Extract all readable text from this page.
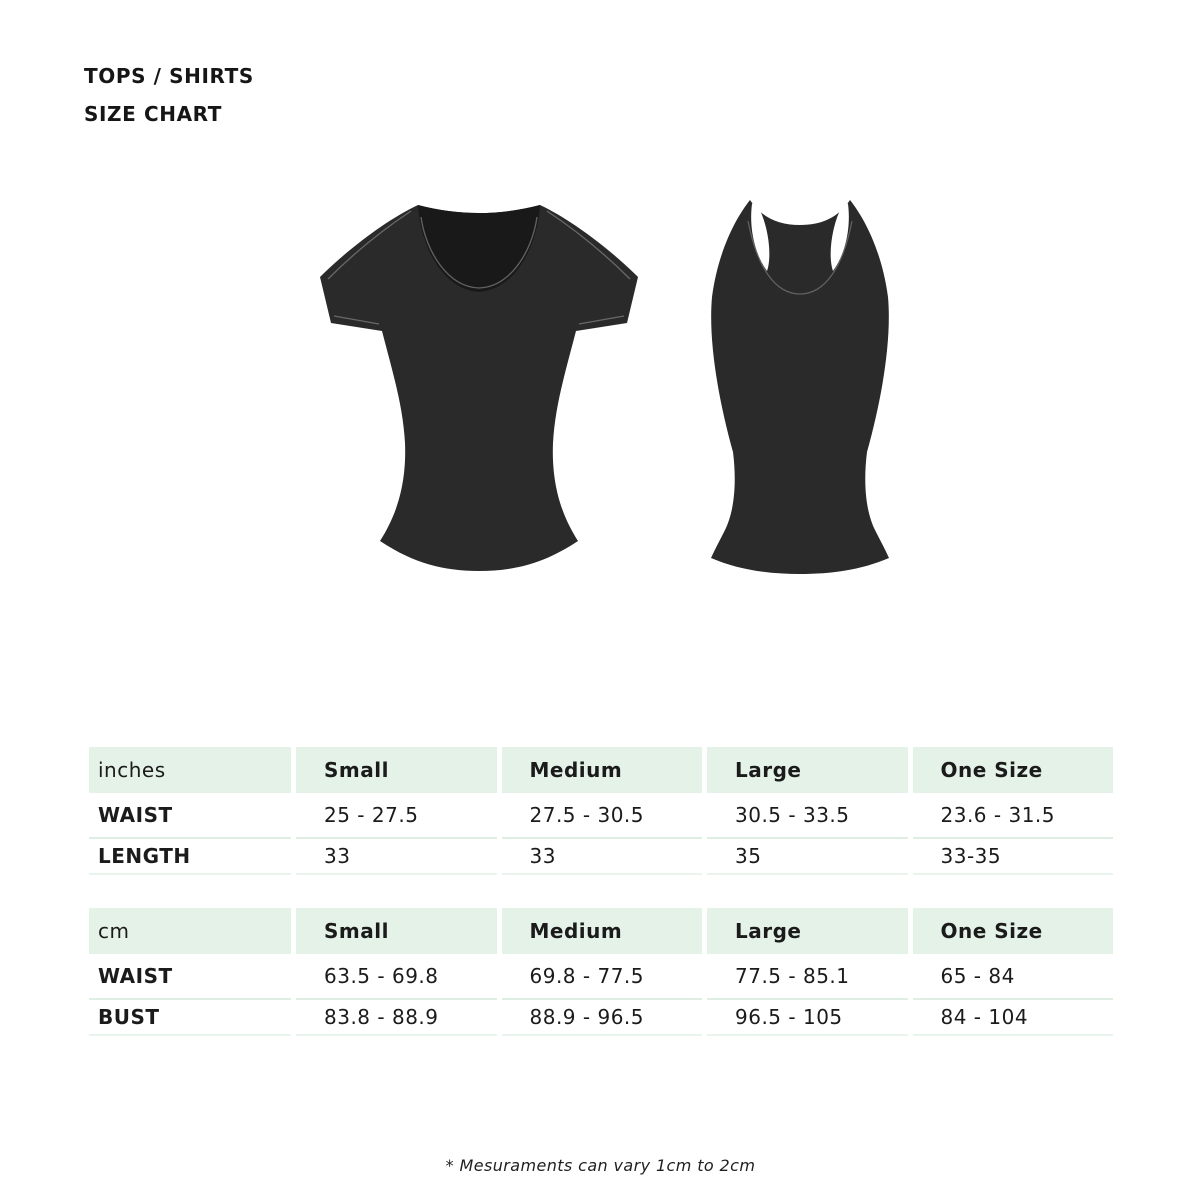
TOPS / SHIRTS
SIZE CHART
inches	Small	Medium	Large	One Size
WAIST	25 - 27.5	27.5 - 30.5	30.5 - 33.5	23.6 - 31.5
LENGTH	33	33	35	33-35
cm	Small	Medium	Large	One Size
WAIST	63.5 - 69.8	69.8 - 77.5	77.5 - 85.1	65 - 84
BUST	83.8 - 88.9	88.9 - 96.5	96.5 - 105	84 - 104
* Mesuraments can vary 1cm to 2cm
